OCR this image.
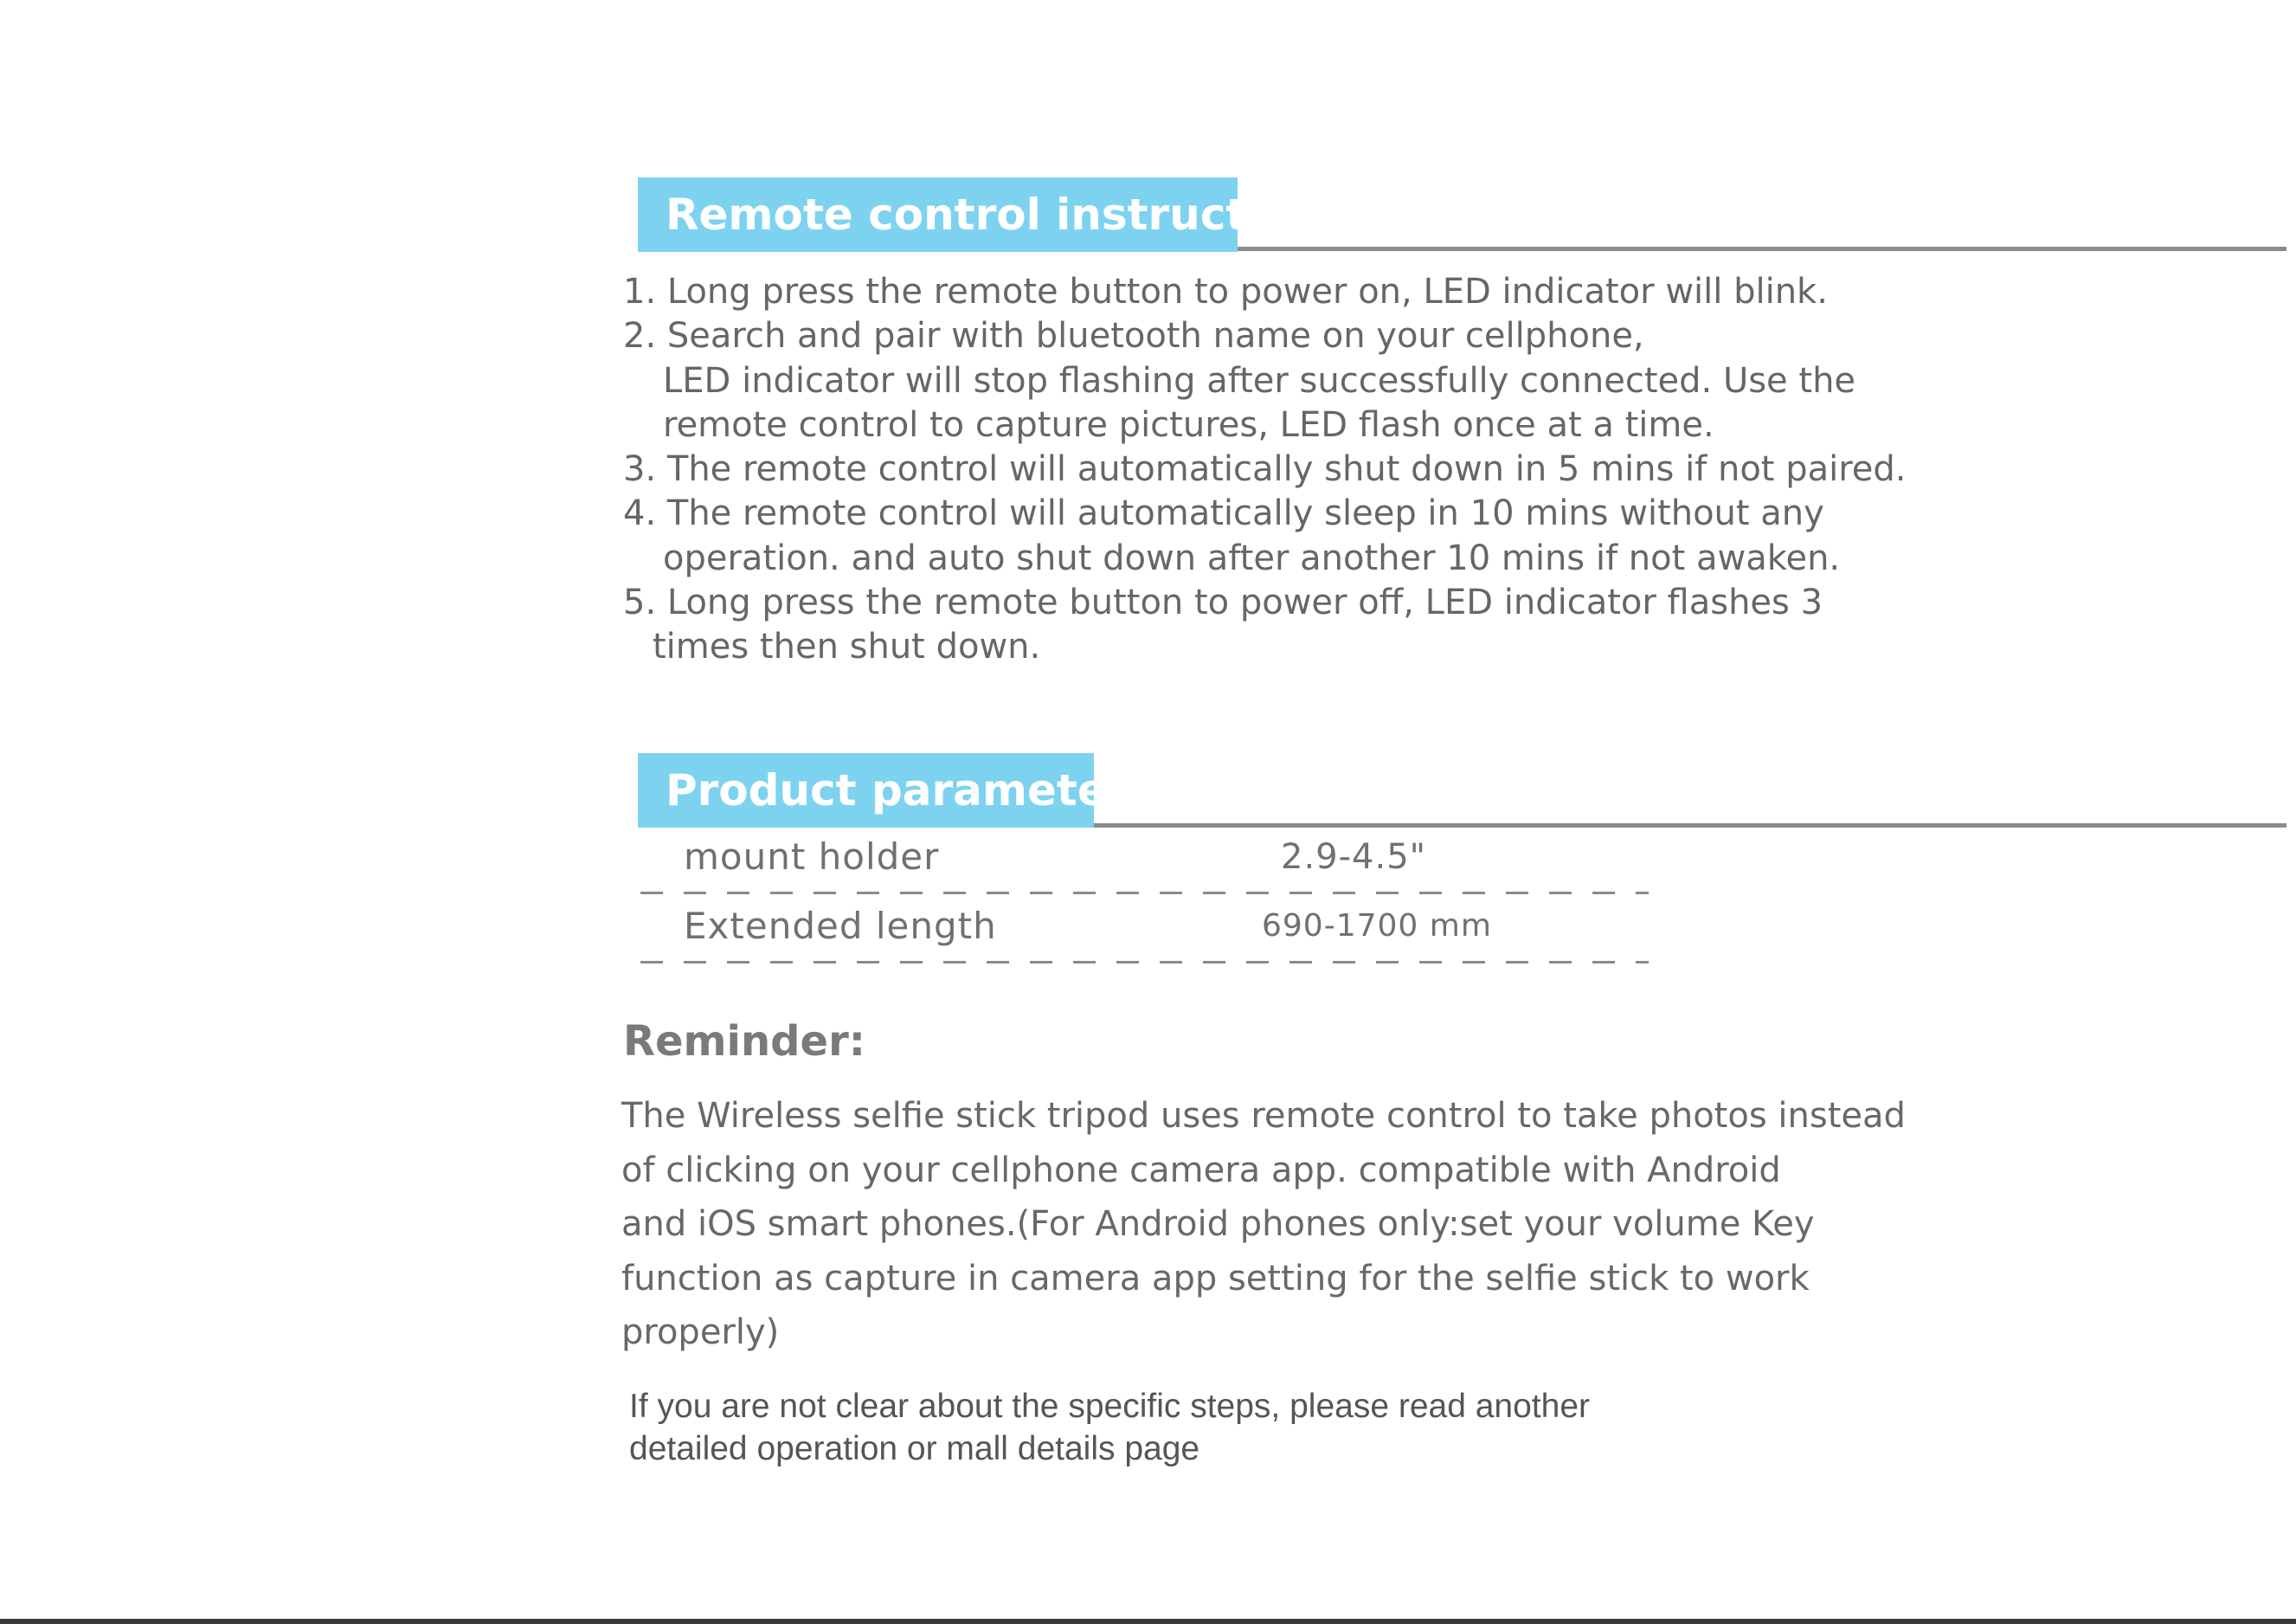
Remote control instructions
1. Long press the remote button to power on, LED indicator will blink.
2. Search and pair with bluetooth name on your cellphone,
LED indicator will stop flashing after successfully connected. Use the
remote control to capture pictures, LED flash once at a time.
3. The remote control will automatically shut down in 5 mins if not paired.
4. The remote control will automatically sleep in 10 mins without any
operation. and auto shut down after another 10 mins if not awaken.
5. Long press the remote button to power off, LED indicator flashes 3
times then shut down.
Product parameters
mount holder	2.9-4.5"
Extended length	690-1700 mm
Reminder:
The Wireless selfie stick tripod uses remote control to take photos instead
of clicking on your cellphone camera app. compatible with Android
and iOS smart phones.(For Android phones only:set your volume Key
function as capture in camera app setting for the selfie stick to work
properly)
If you are not clear about the specific steps, please read another
detailed operation or mall details page
